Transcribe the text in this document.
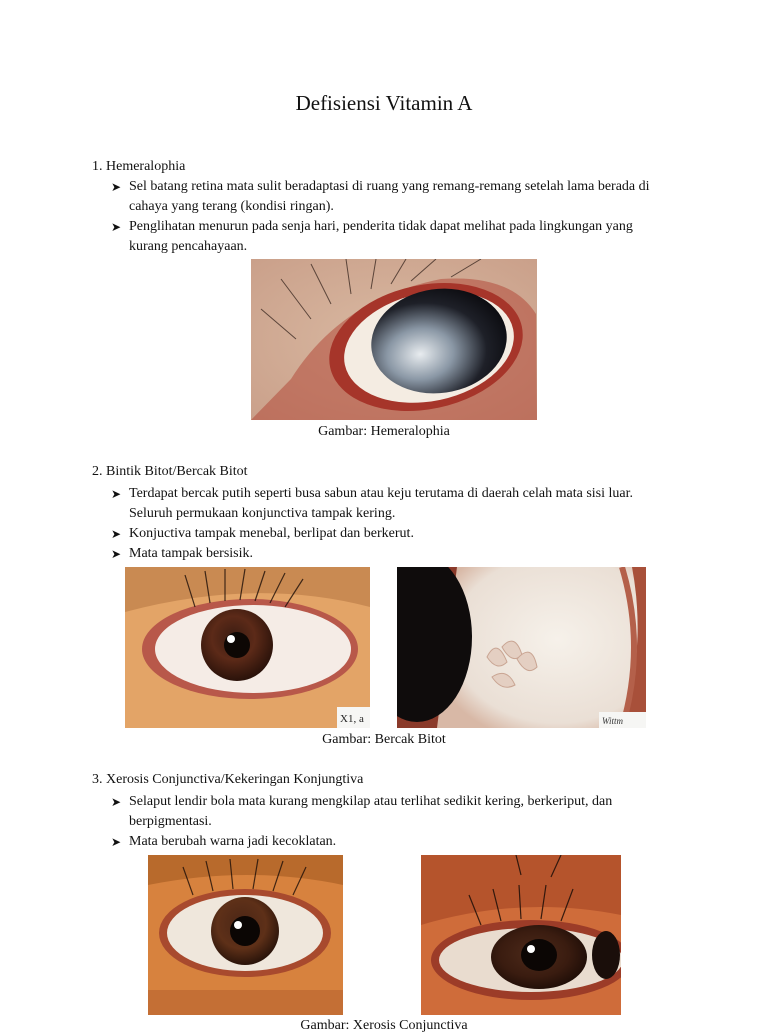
Defisiensi Vitamin A
1. Hemeralophia
➤ Sel batang retina mata sulit beradaptasi di ruang yang remang-remang setelah lama berada di cahaya yang terang (kondisi ringan).
➤ Penglihatan menurun pada senja hari, penderita tidak dapat melihat pada lingkungan yang kurang pencahayaan.
Gambar: Hemeralophia
2. Bintik Bitot/Bercak Bitot
➤ Terdapat bercak putih seperti busa sabun atau keju terutama di daerah celah mata sisi luar. Seluruh permukaan konjunctiva tampak kering.
➤ Konjuctiva tampak menebal, berlipat dan berkerut.
➤ Mata tampak bersisik.
X1, a	Wittm
Gambar: Bercak Bitot
3. Xerosis Conjunctiva/Kekeringan Konjungtiva
➤ Selaput lendir bola mata kurang mengkilap atau terlihat sedikit kering, berkeriput, dan berpigmentasi.
➤ Mata berubah warna jadi kecoklatan.
Gambar: Xerosis Conjunctiva
